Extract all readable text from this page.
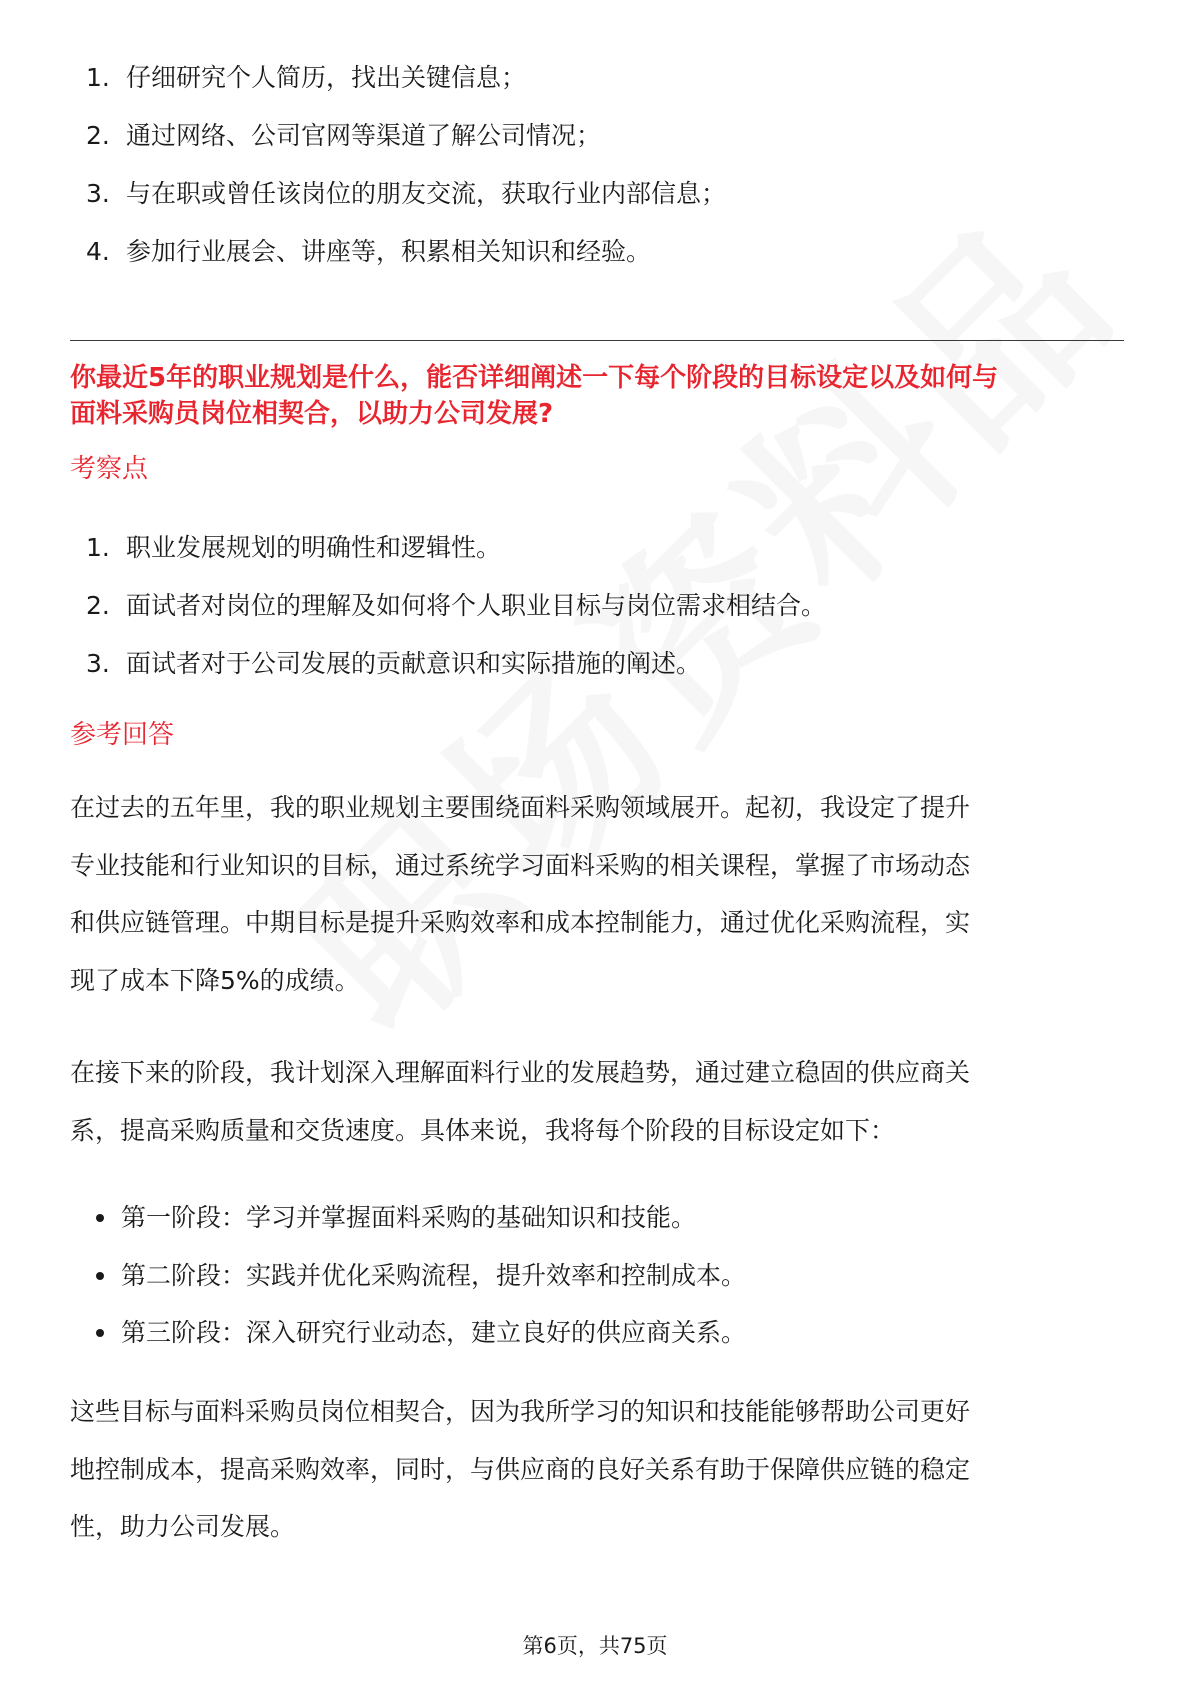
1. 仔细研究个人简历，找出关键信息；
2. 通过网络、公司官网等渠道了解公司情况；
3. 与在职或曾任该岗位的朋友交流，获取行业内部信息；
4. 参加行业展会、讲座等，积累相关知识和经验。
你最近5年的职业规划是什么，能否详细阐述一下每个阶段的目标设定以及如何与
面料采购员岗位相契合，以助力公司发展?
考察点
1. 职业发展规划的明确性和逻辑性。
2. 面试者对岗位的理解及如何将个人职业目标与岗位需求相结合。
3. 面试者对于公司发展的贡献意识和实际措施的阐述。
参考回答
在过去的五年里，我的职业规划主要围绕面料采购领域展开。起初，我设定了提升
专业技能和行业知识的目标，通过系统学习面料采购的相关课程，掌握了市场动态
和供应链管理。中期目标是提升采购效率和成本控制能力，通过优化采购流程，实
现了成本下降5%的成绩。
在接下来的阶段，我计划深入理解面料行业的发展趋势，通过建立稳固的供应商关
系，提高采购质量和交货速度。具体来说，我将每个阶段的目标设定如下：
第一阶段：学习并掌握面料采购的基础知识和技能。
第二阶段：实践并优化采购流程，提升效率和控制成本。
第三阶段：深入研究行业动态，建立良好的供应商关系。
这些目标与面料采购员岗位相契合，因为我所学习的知识和技能能够帮助公司更好
地控制成本，提高采购效率，同时，与供应商的良好关系有助于保障供应链的稳定
性，助力公司发展。
第6页，共75页
